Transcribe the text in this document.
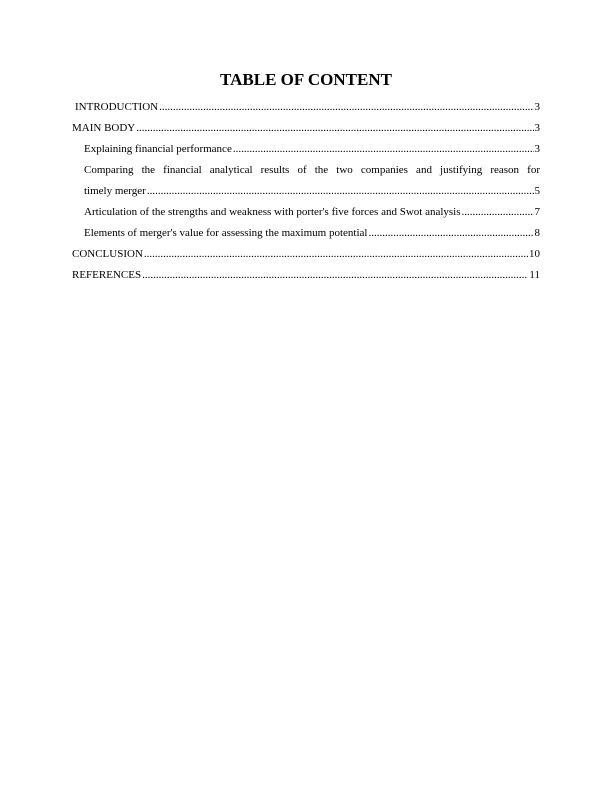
TABLE OF CONTENT
INTRODUCTION .....	3
MAIN BODY .....	3
Explaining financial performance .....	3
Comparing the financial analytical results of the two companies and justifying reason for
timely merger .....	5
Articulation of the strengths and weakness with porter's five forces and Swot analysis .....	7
Elements of merger's value for assessing the maximum potential .....	8
CONCLUSION .....	10
REFERENCES .....	11
